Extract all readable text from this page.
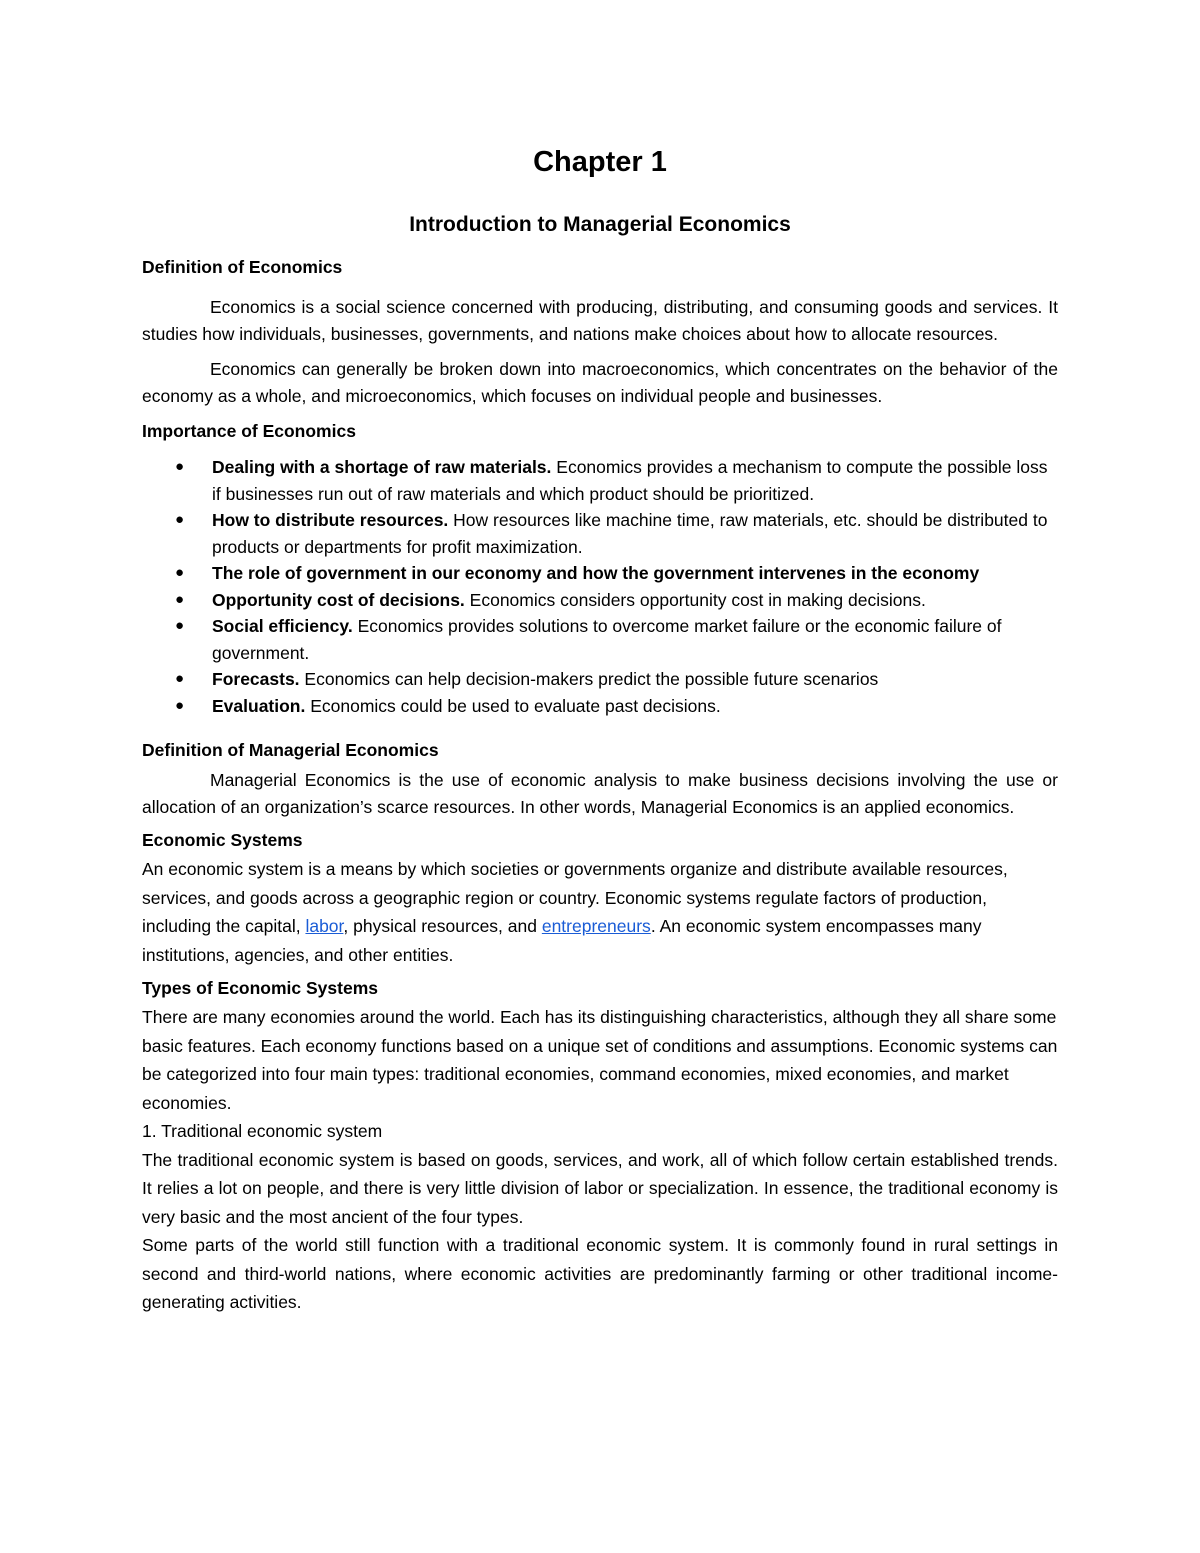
Chapter 1
Introduction to Managerial Economics
Definition of Economics

Economics is a social science concerned with producing, distributing, and consuming goods and services. It studies how individuals, businesses, governments, and nations make choices about how to allocate resources.

Economics can generally be broken down into macroeconomics, which concentrates on the behavior of the economy as a whole, and microeconomics, which focuses on individual people and businesses.

Importance of Economics
● Dealing with a shortage of raw materials. Economics provides a mechanism to compute the possible loss if businesses run out of raw materials and which product should be prioritized.
● How to distribute resources. How resources like machine time, raw materials, etc. should be distributed to products or departments for profit maximization.
● The role of government in our economy and how the government intervenes in the economy
● Opportunity cost of decisions. Economics considers opportunity cost in making decisions.
● Social efficiency. Economics provides solutions to overcome market failure or the economic failure of government.
● Forecasts. Economics can help decision-makers predict the possible future scenarios
● Evaluation. Economics could be used to evaluate past decisions.
Definition of Managerial Economics

Managerial Economics is the use of economic analysis to make business decisions involving the use or allocation of an organization’s scarce resources. In other words, Managerial Economics is an applied economics.

Economic Systems

An economic system is a means by which societies or governments organize and distribute available resources, services, and goods across a geographic region or country. Economic systems regulate factors of production, including the capital, labor, physical resources, and entrepreneurs. An economic system encompasses many institutions, agencies, and other entities.

Types of Economic Systems

There are many economies around the world. Each has its distinguishing characteristics, although they all share some basic features. Each economy functions based on a unique set of conditions and assumptions. Economic systems can be categorized into four main types: traditional economies, command economies, mixed economies, and market economies.

1. Traditional economic system

The traditional economic system is based on goods, services, and work, all of which follow certain established trends. It relies a lot on people, and there is very little division of labor or specialization. In essence, the traditional economy is very basic and the most ancient of the four types.

Some parts of the world still function with a traditional economic system. It is commonly found in rural settings in second and third-world nations, where economic activities are predominantly farming or other traditional income-generating activities.
